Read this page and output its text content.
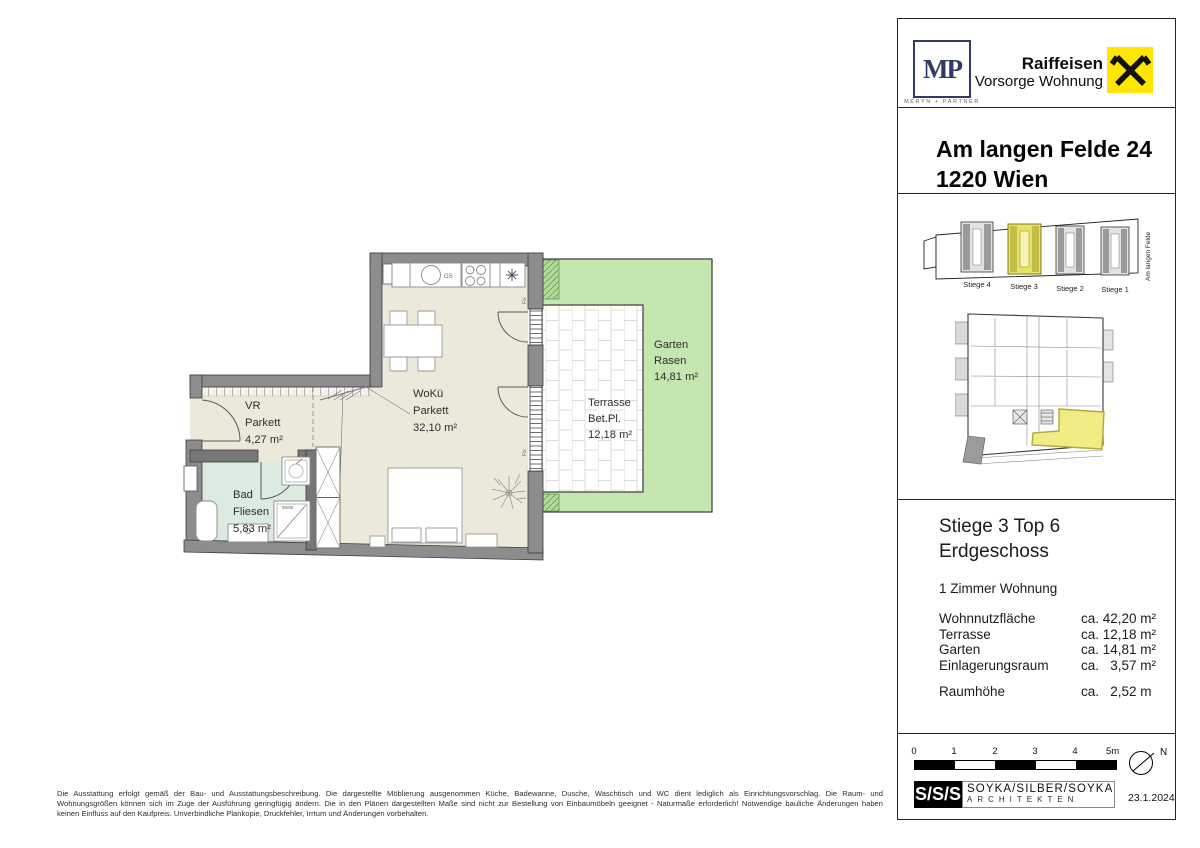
VR
Parkett
4,27 m²
WoKü
Parkett
32,10 m²
Bad
Fliesen
5,83 m²
Terrasse
Bet.Pl.
12,18 m²
Garten
Rasen
14,81 m²
GS
90/90
Fix
Fix
Die Ausstattung erfolgt gemäß der Bau- und Ausstattungsbeschreibung. Die dargestellte Möblierung ausgenommen Küche, Badewanne, Dusche, Waschtisch und WC dient lediglich als Einrichtungsvorschlag. Die Raum- und
Wohnungsgrößen können sich im Zuge der Ausführung geringfügig ändern. Die in den Plänen dargestellten Maße sind nicht zur Bestellung von Einbaumöbeln geeignet - Naturmaße erforderlich! Notwendige bauliche Änderungen haben
keinen Einfluss auf den Kaufpreis. Unverbindliche Plankopie, Druckfehler, Irrtum und Änderungen vorbehalten.
MP
MERYN + PARTNER
Raiffeisen
Vorsorge Wohnung
Am langen Felde 24
1220 Wien
Stiege 4	Stiege 3 Stiege 2 Stiege 1
Am langen Felde
Stiege 3 Top 6
Erdgeschoss
1 Zimmer Wohnung
Wohnnutzfläche	ca. 42,20 m²
Terrasse	ca. 12,18 m²
Garten	ca. 14,81 m²
Einlagerungsraum	ca.   3,57 m²
Raumhöhe	ca.   2,52 m
0	1	2	3	4	5m	N
S/S/S SOYKA/SILBER/SOYKA
ARCHITEKTEN	23.1.2024
